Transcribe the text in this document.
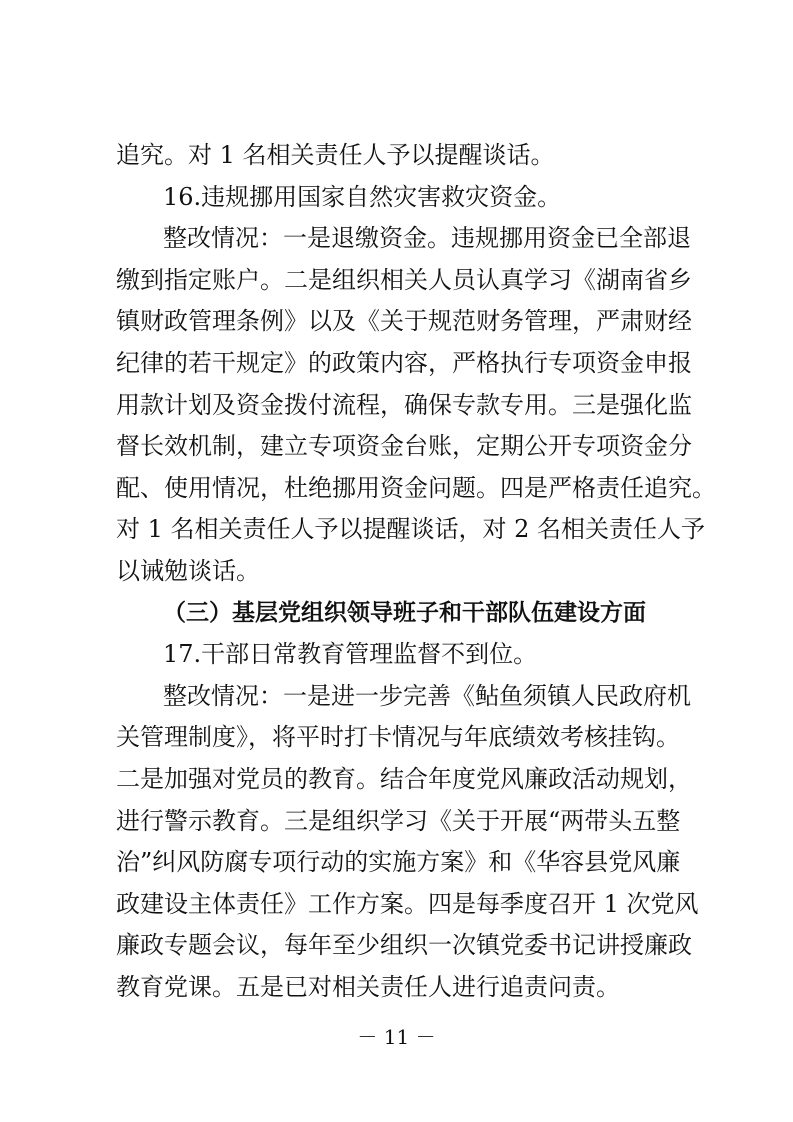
追究。对 1 名相关责任人予以提醒谈话。
16.违规挪用国家自然灾害救灾资金。
整改情况：一是退缴资金。违规挪用资金已全部退
缴到指定账户。二是组织相关人员认真学习《湖南省乡
镇财政管理条例》以及《关于规范财务管理，严肃财经
纪律的若干规定》的政策内容，严格执行专项资金申报
用款计划及资金拨付流程，确保专款专用。三是强化监
督长效机制，建立专项资金台账，定期公开专项资金分
配、使用情况，杜绝挪用资金问题。四是严格责任追究。
对 1 名相关责任人予以提醒谈话，对 2 名相关责任人予
以诫勉谈话。
（三）基层党组织领导班子和干部队伍建设方面
17.干部日常教育管理监督不到位。
整改情况：一是进一步完善《鲇鱼须镇人民政府机
关管理制度》，将平时打卡情况与年底绩效考核挂钩。
二是加强对党员的教育。结合年度党风廉政活动规划，
进行警示教育。三是组织学习《关于开展“两带头五整
治”纠风防腐专项行动的实施方案》和《华容县党风廉
政建设主体责任》工作方案。四是每季度召开 1 次党风
廉政专题会议，每年至少组织一次镇党委书记讲授廉政
教育党课。五是已对相关责任人进行追责问责。
－ 11 －
